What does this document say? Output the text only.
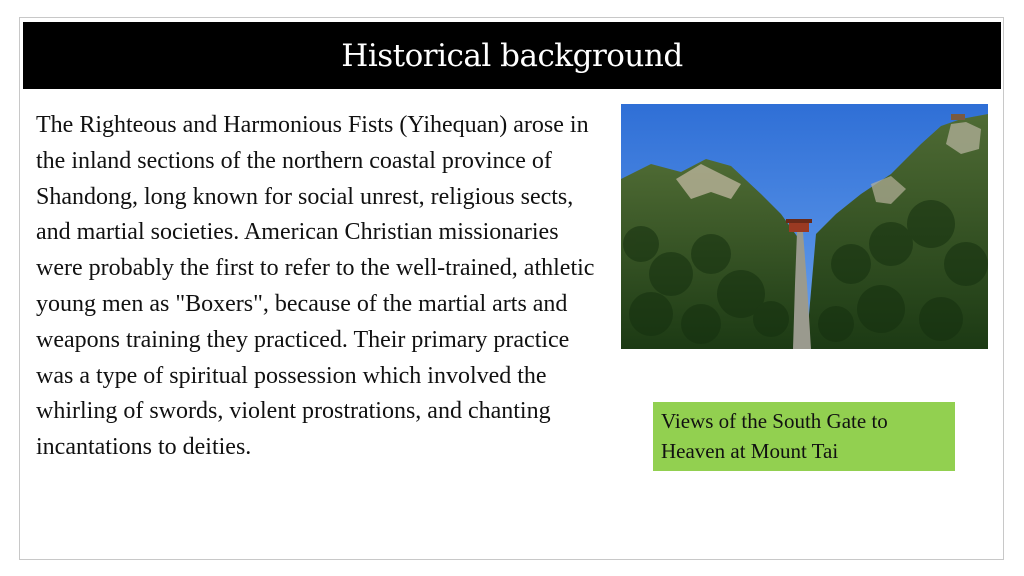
Historical background

The Righteous and Harmonious Fists (Yihequan) arose in the inland sections of the northern coastal province of Shandong, long known for social unrest, religious sects, and martial societies. American Christian missionaries were probably the first to refer to the well-trained, athletic young men as "Boxers", because of the martial arts and weapons training they practiced. Their primary practice was a type of spiritual possession which involved the whirling of swords, violent prostrations, and chanting incantations to deities.

Views of the South Gate to Heaven at Mount Tai
